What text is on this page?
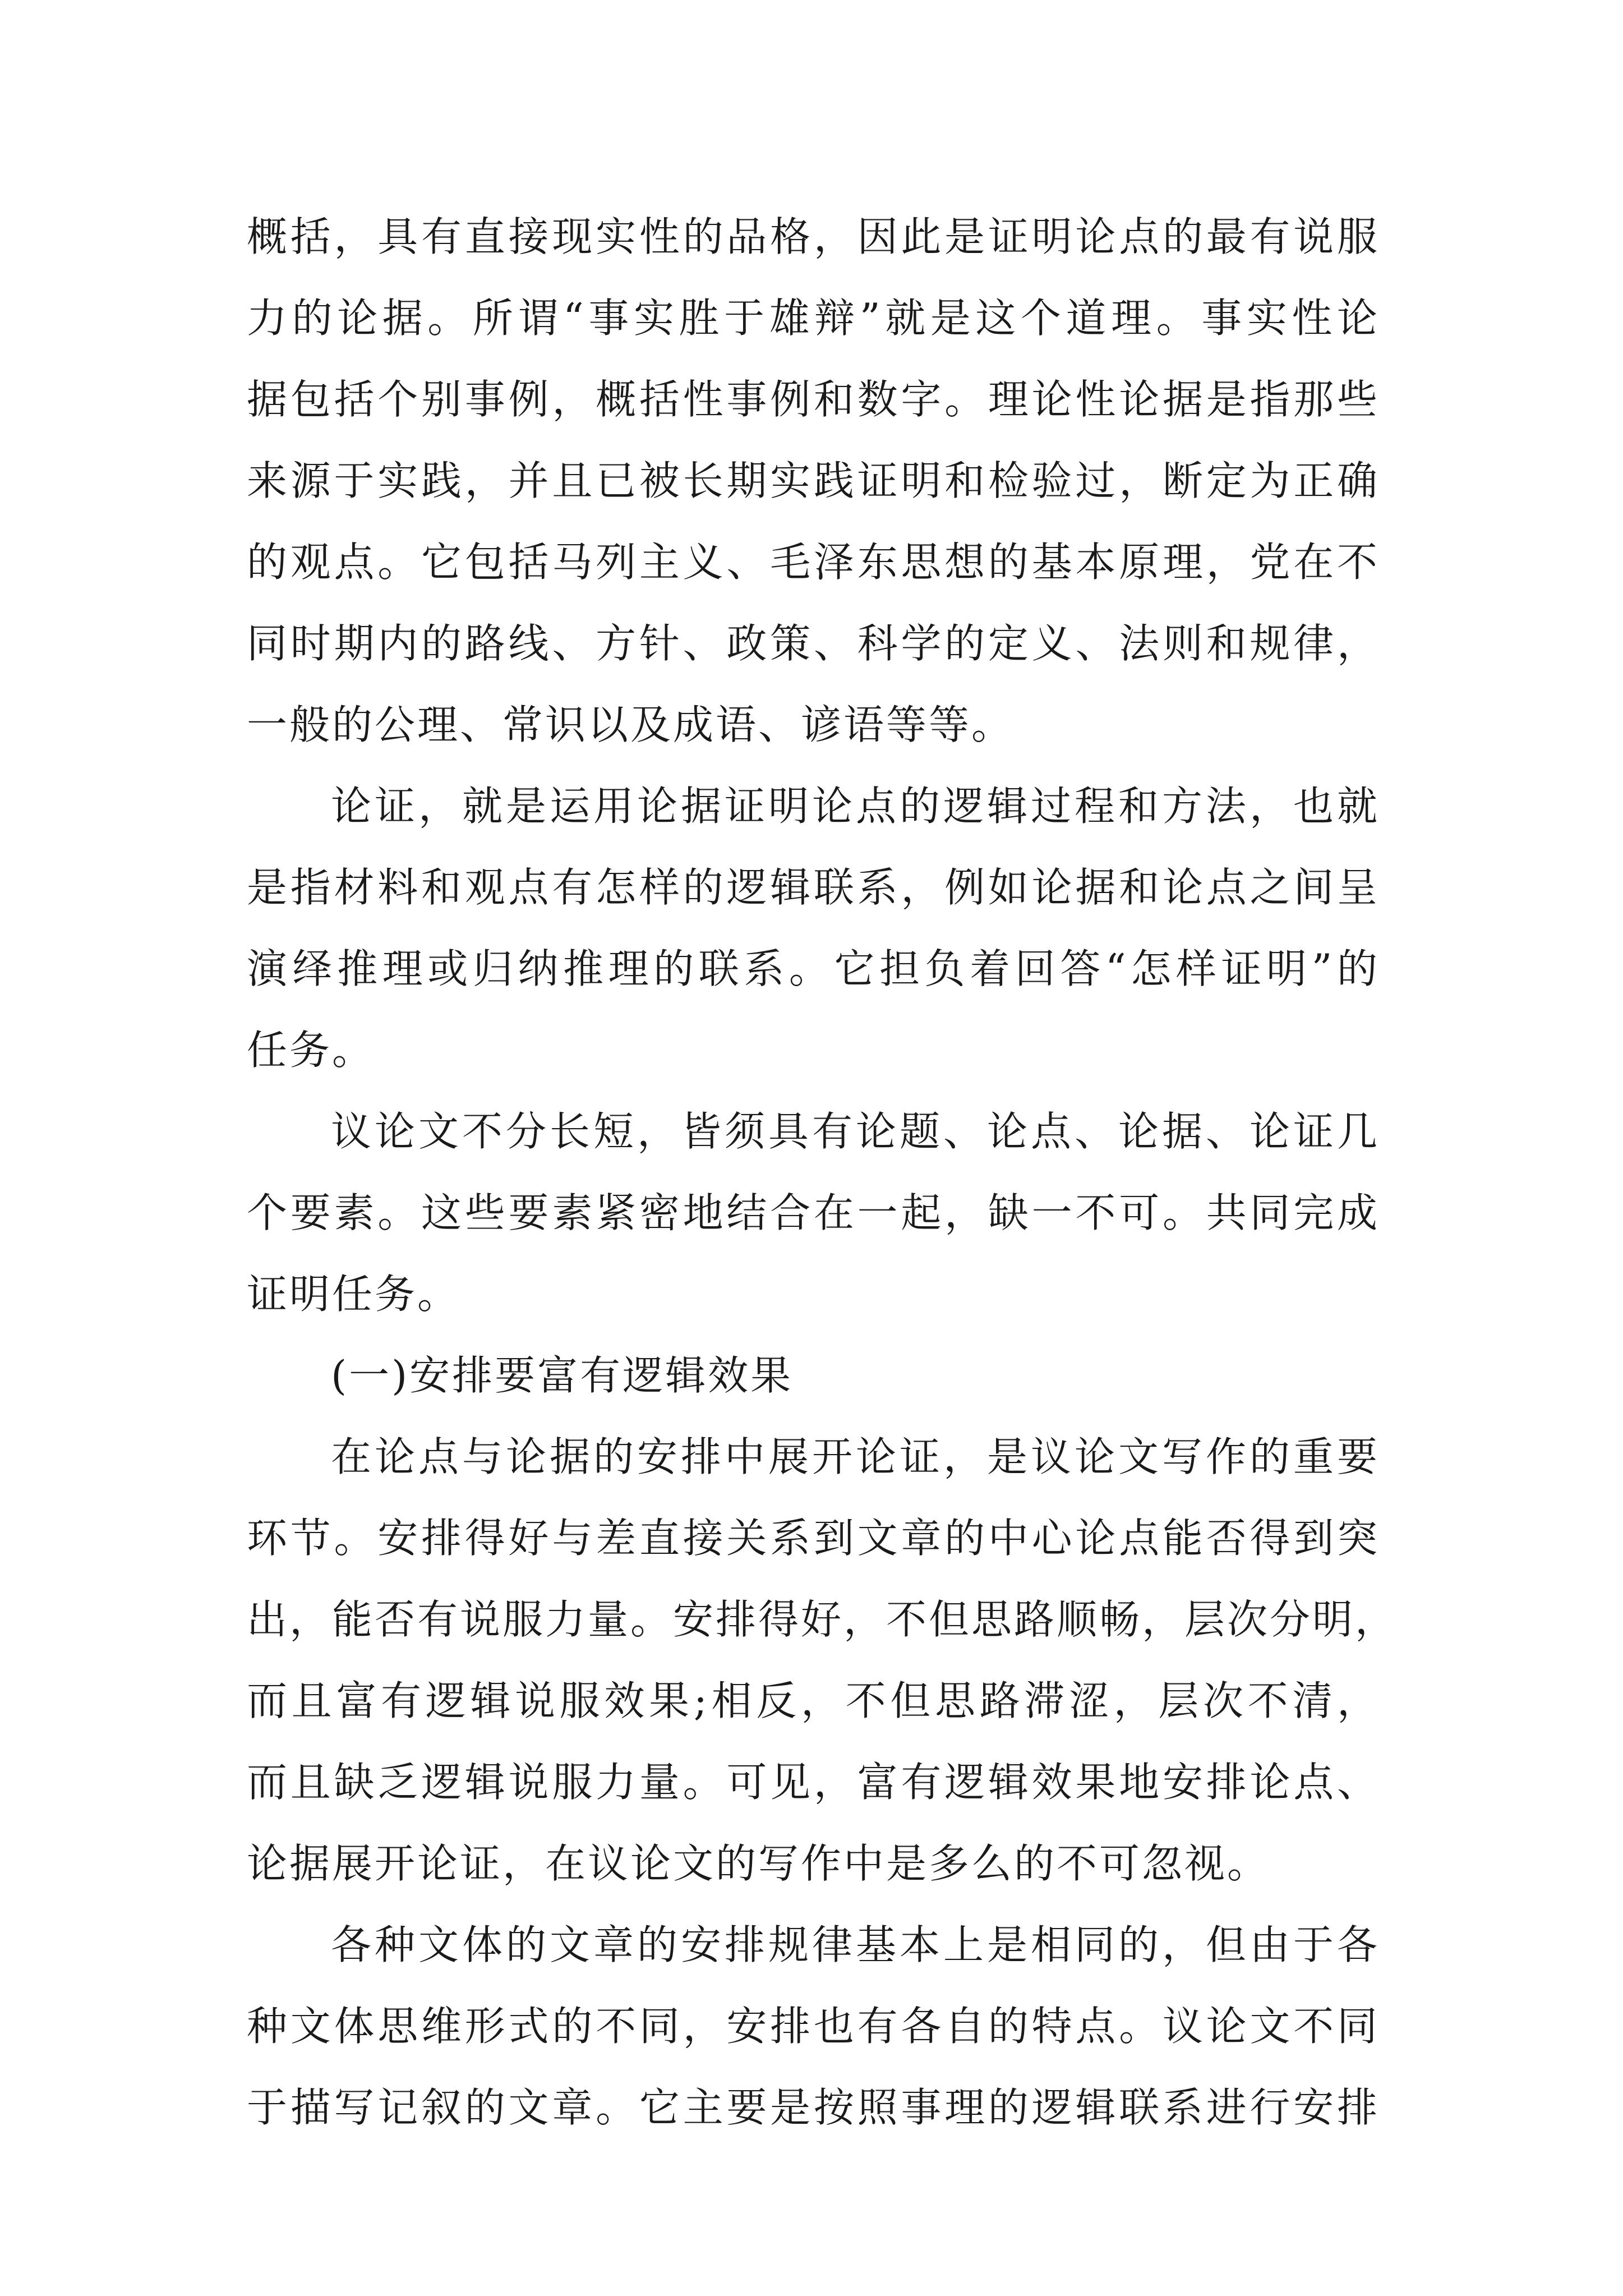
概括，具有直接现实性的品格，因此是证明论点的最有说服
力的论据。所谓“事实胜于雄辩”就是这个道理。事实性论
据包括个别事例，概括性事例和数字。理论性论据是指那些
来源于实践，并且已被长期实践证明和检验过，断定为正确
的观点。它包括马列主义、毛泽东思想的基本原理，党在不
同时期内的路线、方针、政策、科学的定义、法则和规律，
一般的公理、常识以及成语、谚语等等。
论证，就是运用论据证明论点的逻辑过程和方法，也就
是指材料和观点有怎样的逻辑联系，例如论据和论点之间呈
演绎推理或归纳推理的联系。它担负着回答“怎样证明”的
任务。
议论文不分长短，皆须具有论题、论点、论据、论证几
个要素。这些要素紧密地结合在一起，缺一不可。共同完成
证明任务。
(一)安排要富有逻辑效果
在论点与论据的安排中展开论证，是议论文写作的重要
环节。安排得好与差直接关系到文章的中心论点能否得到突
出，能否有说服力量。安排得好，不但思路顺畅，层次分明，
而且富有逻辑说服效果;相反，不但思路滞涩，层次不清，
而且缺乏逻辑说服力量。可见，富有逻辑效果地安排论点、
论据展开论证，在议论文的写作中是多么的不可忽视。
各种文体的文章的安排规律基本上是相同的，但由于各
种文体思维形式的不同，安排也有各自的特点。议论文不同
于描写记叙的文章。它主要是按照事理的逻辑联系进行安排
